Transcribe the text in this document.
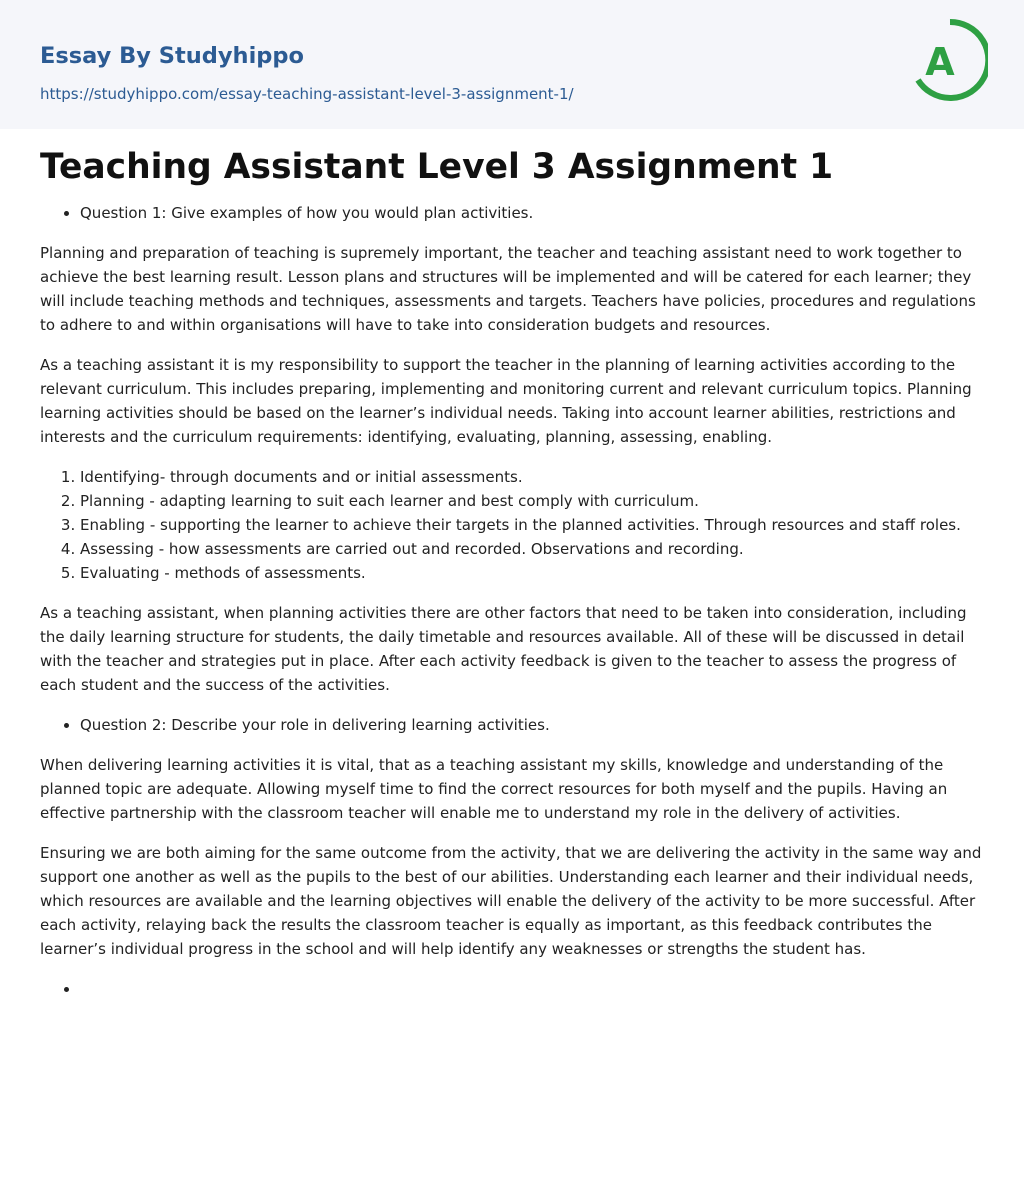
Essay By Studyhippo
https://studyhippo.com/essay-teaching-assistant-level-3-assignment-1/
A
Teaching Assistant Level 3 Assignment 1
• Question 1: Give examples of how you would plan activities.

Planning and preparation of teaching is supremely important, the teacher and teaching assistant need to work together to achieve the best learning result. Lesson plans and structures will be implemented and will be catered for each learner; they will include teaching methods and techniques, assessments and targets. Teachers have policies, procedures and regulations to adhere to and within organisations will have to take into consideration budgets and resources.

As a teaching assistant it is my responsibility to support the teacher in the planning of learning activities according to the relevant curriculum. This includes preparing, implementing and monitoring current and relevant curriculum topics. Planning learning activities should be based on the learner’s individual needs. Taking into account learner abilities, restrictions and interests and the curriculum requirements: identifying, evaluating, planning, assessing, enabling.

1. Identifying- through documents and or initial assessments.
2. Planning - adapting learning to suit each learner and best comply with curriculum.
3. Enabling - supporting the learner to achieve their targets in the planned activities. Through resources and staff roles.
4. Assessing - how assessments are carried out and recorded. Observations and recording.
5. Evaluating - methods of assessments.

As a teaching assistant, when planning activities there are other factors that need to be taken into consideration, including the daily learning structure for students, the daily timetable and resources available. All of these will be discussed in detail with the teacher and strategies put in place. After each activity feedback is given to the teacher to assess the progress of each student and the success of the activities.

• Question 2: Describe your role in delivering learning activities.

When delivering learning activities it is vital, that as a teaching assistant my skills, knowledge and understanding of the planned topic are adequate. Allowing myself time to find the correct resources for both myself and the pupils. Having an effective partnership with the classroom teacher will enable me to understand my role in the delivery of activities.

Ensuring we are both aiming for the same outcome from the activity, that we are delivering the activity in the same way and support one another as well as the pupils to the best of our abilities. Understanding each learner and their individual needs, which resources are available and the learning objectives will enable the delivery of the activity to be more successful. After each activity, relaying back the results the classroom teacher is equally as important, as this feedback contributes the learner’s individual progress in the school and will help identify any weaknesses or strengths the student has.

•
